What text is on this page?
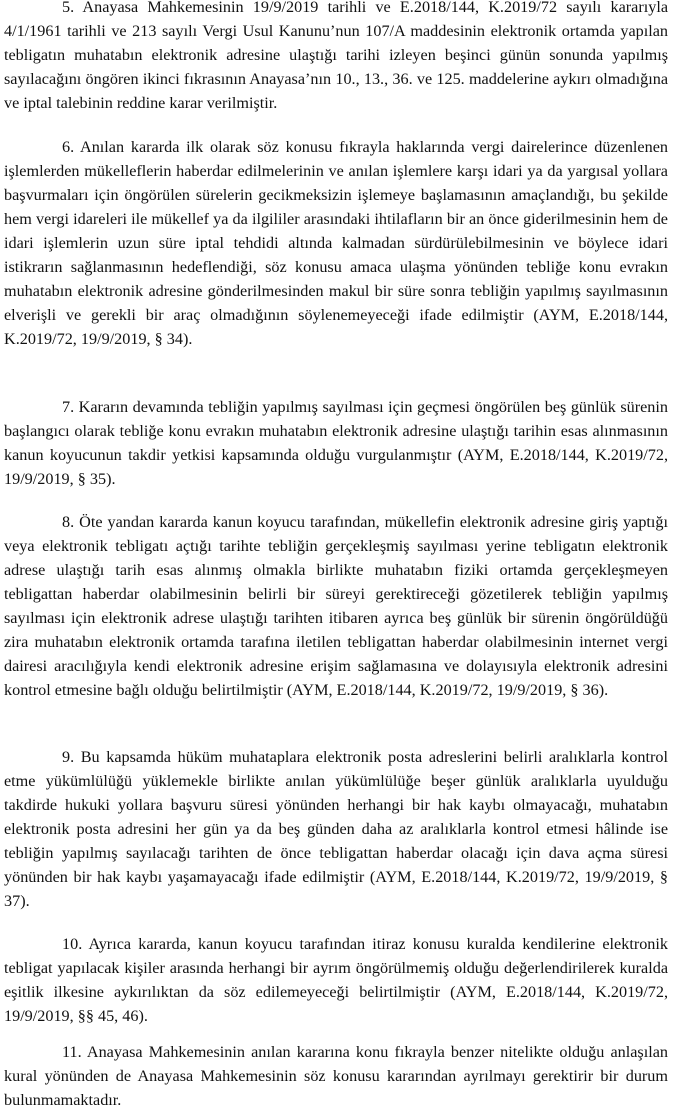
5. Anayasa Mahkemesinin 19/9/2019 tarihli ve E.2018/144, K.2019/72 sayılı kararıyla 4/1/1961 tarihli ve 213 sayılı Vergi Usul Kanunu’nun 107/A maddesinin elektronik ortamda yapılan tebligatın muhatabın elektronik adresine ulaştığı tarihi izleyen beşinci günün sonunda yapılmış sayılacağını öngören ikinci fıkrasının Anayasa’nın 10., 13., 36. ve 125. maddelerine aykırı olmadığına ve iptal talebinin reddine karar verilmiştir.

6. Anılan kararda ilk olarak söz konusu fıkrayla haklarında vergi dairelerince düzenlenen işlemlerden mükelleflerin haberdar edilmelerinin ve anılan işlemlere karşı idari ya da yargısal yollara başvurmaları için öngörülen sürelerin gecikmeksizin işlemeye başlamasının amaçlandığı, bu şekilde hem vergi idareleri ile mükellef ya da ilgililer arasındaki ihtilafların bir an önce giderilmesinin hem de idari işlemlerin uzun süre iptal tehdidi altında kalmadan sürdürülebilmesinin ve böylece idari istikrarın sağlanmasının hedeflendiği, söz konusu amaca ulaşma yönünden tebliğe konu evrakın muhatabın elektronik adresine gönderilmesinden makul bir süre sonra tebliğin yapılmış sayılmasının elverişli ve gerekli bir araç olmadığının söylenemeyeceği ifade edilmiştir (AYM, E.2018/144, K.2019/72, 19/9/2019, § 34).

7. Kararın devamında tebliğin yapılmış sayılması için geçmesi öngörülen beş günlük sürenin başlangıcı olarak tebliğe konu evrakın muhatabın elektronik adresine ulaştığı tarihin esas alınmasının kanun koyucunun takdir yetkisi kapsamında olduğu vurgulanmıştır (AYM, E.2018/144, K.2019/72, 19/9/2019, § 35).

8. Öte yandan kararda kanun koyucu tarafından, mükellefin elektronik adresine giriş yaptığı veya elektronik tebligatı açtığı tarihte tebliğin gerçekleşmiş sayılması yerine tebligatın elektronik adrese ulaştığı tarih esas alınmış olmakla birlikte muhatabın fiziki ortamda gerçekleşmeyen tebligattan haberdar olabilmesinin belirli bir süreyi gerektireceği gözetilerek tebliğin yapılmış sayılması için elektronik adrese ulaştığı tarihten itibaren ayrıca beş günlük bir sürenin öngörüldüğü zira muhatabın elektronik ortamda tarafına iletilen tebligattan haberdar olabilmesinin internet vergi dairesi aracılığıyla kendi elektronik adresine erişim sağlamasına ve dolayısıyla elektronik adresini kontrol etmesine bağlı olduğu belirtilmiştir (AYM, E.2018/144, K.2019/72, 19/9/2019, § 36).

9. Bu kapsamda hüküm muhataplara elektronik posta adreslerini belirli aralıklarla kontrol etme yükümlülüğü yüklemekle birlikte anılan yükümlülüğe beşer günlük aralıklarla uyulduğu takdirde hukuki yollara başvuru süresi yönünden herhangi bir hak kaybı olmayacağı, muhatabın elektronik posta adresini her gün ya da beş günden daha az aralıklarla kontrol etmesi hâlinde ise tebliğin yapılmış sayılacağı tarihten de önce tebligattan haberdar olacağı için dava açma süresi yönünden bir hak kaybı yaşamayacağı ifade edilmiştir (AYM, E.2018/144, K.2019/72, 19/9/2019, § 37).

10. Ayrıca kararda, kanun koyucu tarafından itiraz konusu kuralda kendilerine elektronik tebligat yapılacak kişiler arasında herhangi bir ayrım öngörülmemiş olduğu değerlendirilerek kuralda eşitlik ilkesine aykırılıktan da söz edilemeyeceği belirtilmiştir (AYM, E.2018/144, K.2019/72, 19/9/2019, §§ 45, 46).

11. Anayasa Mahkemesinin anılan kararına konu fıkrayla benzer nitelikte olduğu anlaşılan kural yönünden de Anayasa Mahkemesinin söz konusu kararından ayrılmayı gerektirir bir durum bulunmamaktadır.
